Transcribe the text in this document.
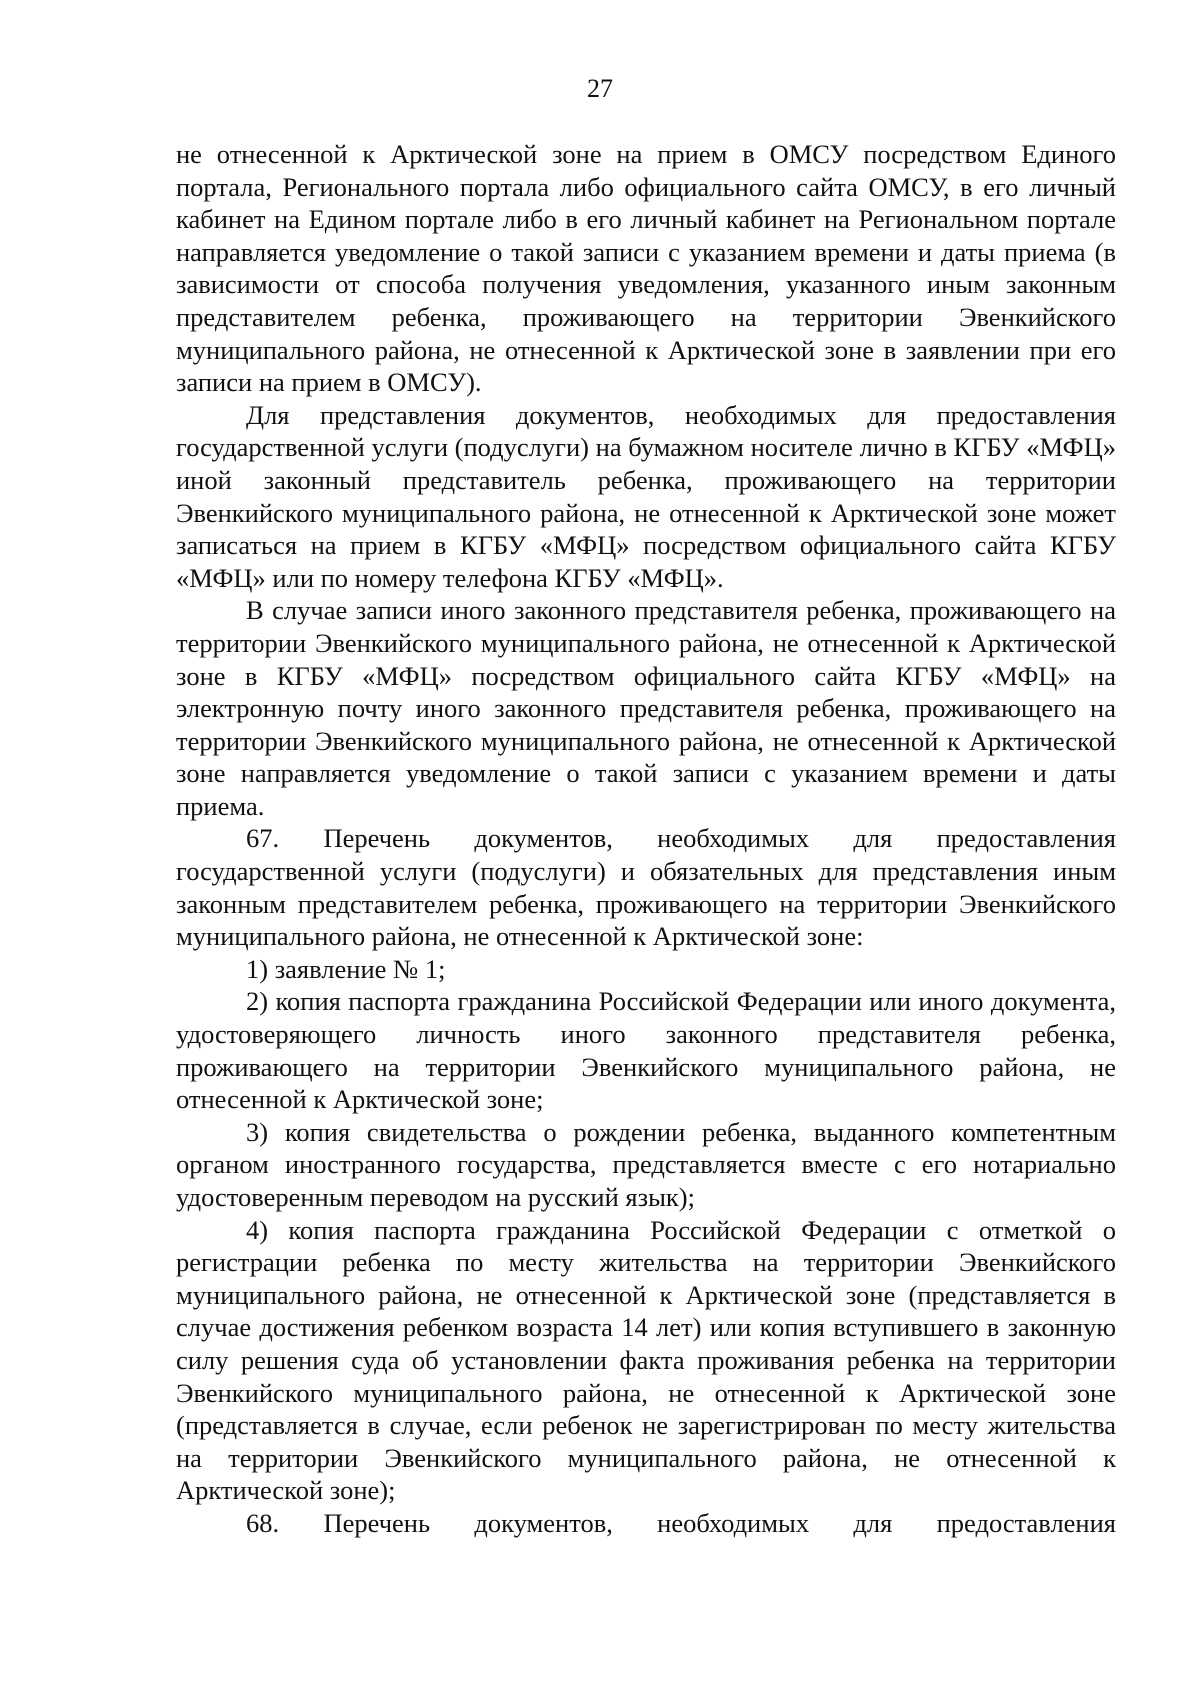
27

не отнесенной к Арктической зоне на прием в ОМСУ посредством Единого портала, Регионального портала либо официального сайта ОМСУ, в его личный кабинет на Едином портале либо в его личный кабинет на Региональном портале направляется уведомление о такой записи с указанием времени и даты приема (в зависимости от способа получения уведомления, указанного иным законным представителем ребенка, проживающего на территории Эвенкийского муниципального района, не отнесенной к Арктической зоне в заявлении при его записи на прием в ОМСУ).

Для представления документов, необходимых для предоставления государственной услуги (подуслуги) на бумажном носителе лично в КГБУ «МФЦ» иной законный представитель ребенка, проживающего на территории Эвенкийского муниципального района, не отнесенной к Арктической зоне может записаться на прием в КГБУ «МФЦ» посредством официального сайта КГБУ «МФЦ» или по номеру телефона КГБУ «МФЦ».

В случае записи иного законного представителя ребенка, проживающего на территории Эвенкийского муниципального района, не отнесенной к Арктической зоне в КГБУ «МФЦ» посредством официального сайта КГБУ «МФЦ» на электронную почту иного законного представителя ребенка, проживающего на территории Эвенкийского муниципального района, не отнесенной к Арктической зоне направляется уведомление о такой записи с указанием времени и даты приема.

67. Перечень документов, необходимых для предоставления государственной услуги (подуслуги) и обязательных для представления иным законным представителем ребенка, проживающего на территории Эвенкийского муниципального района, не отнесенной к Арктической зоне:

1) заявление № 1;

2) копия паспорта гражданина Российской Федерации или иного документа, удостоверяющего личность иного законного представителя ребенка, проживающего на территории Эвенкийского муниципального района, не отнесенной к Арктической зоне;

3) копия свидетельства о рождении ребенка, выданного компетентным органом иностранного государства, представляется вместе с его нотариально удостоверенным переводом на русский язык);

4) копия паспорта гражданина Российской Федерации с отметкой о регистрации ребенка по месту жительства на территории Эвенкийского муниципального района, не отнесенной к Арктической зоне (представляется в случае достижения ребенком возраста 14 лет) или копия вступившего в законную силу решения суда об установлении факта проживания ребенка на территории Эвенкийского муниципального района, не отнесенной к Арктической зоне (представляется в случае, если ребенок не зарегистрирован по месту жительства на территории Эвенкийского муниципального района, не отнесенной к Арктической зоне);

68. Перечень документов, необходимых для предоставления
